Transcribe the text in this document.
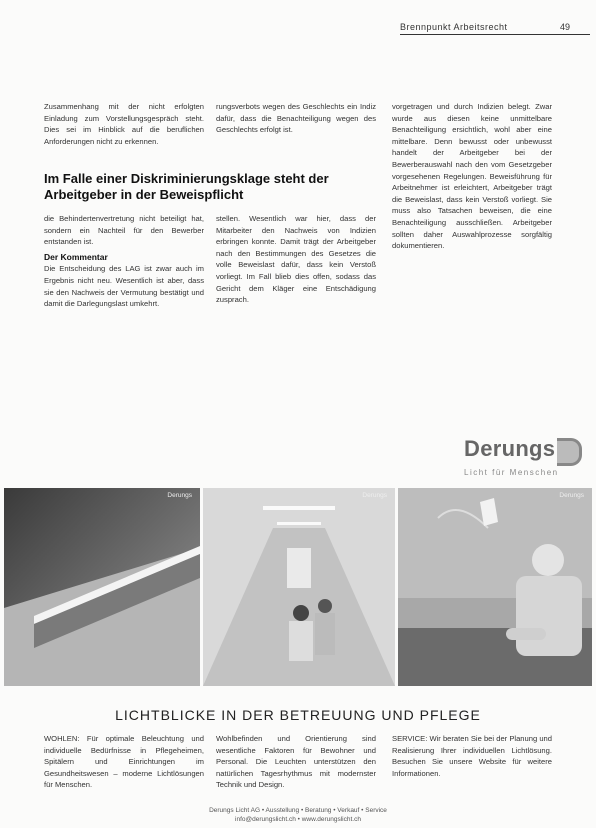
Brennpunkt Arbeitsrecht	49
Zusammenhang mit der nicht erfolgten Einladung zum Vorstellungsgespräch steht. Dies sei im Hinblick auf die beruflichen Anforderungen nicht zu erkennen.
rungsverbots wegen des Geschlechts ein Indiz dafür, dass die Benachteiligung wegen des Geschlechts erfolgt ist.
vorgetragen und durch Indizien belegt. Zwar wurde aus diesen keine unmittelbare Benachteiligung ersichtlich, wohl aber eine mittelbare. Denn bewusst oder unbewusst handelt der Arbeitgeber bei der Bewerberauswahl nach den vom Gesetzgeber vorgesehenen Regelungen. Beweisführung für Arbeitnehmer ist erleichtert, Arbeitgeber trägt die Beweislast, dass kein Verstoß vorliegt. Sie muss also Tatsachen beweisen, die eine Benachteiligung ausschließen. Arbeitgeber sollten daher Auswahlprozesse sorgfältig dokumentieren.
Im Falle einer Diskriminierungsklage steht der Arbeitgeber in der Beweispflicht

die Behindertenvertretung nicht beteiligt hat, sondern ein Nachteil für den Bewerber entstanden ist.

Der Kommentar

Die Entscheidung des LAG ist zwar auch im Ergebnis nicht neu. Wesentlich ist aber, dass sie den Nachweis der Vermutung bestätigt und damit die Darlegungslast umkehrt.

stellen. Wesentlich war hier, dass der Mitarbeiter den Nachweis von Indizien erbringen konnte. Damit trägt der Arbeitgeber nach den Bestimmungen des Gesetzes die volle Beweislast dafür, dass kein Verstoß vorliegt. Im Fall blieb dies offen, sodass das Gericht dem Kläger eine Entschädigung zusprach.
Derungs
Licht für Menschen
Derungs	Derungs	Derungs
LICHTBLICKE IN DER BETREUUNG UND PFLEGE
WOHLEN: Für optimale Beleuchtung und individuelle Bedürfnisse in Pflegeheimen, Spitälern und Einrichtungen im Gesundheitswesen – moderne Lichtlösungen für Menschen.
Wohlbefinden und Orientierung sind wesentliche Faktoren für Bewohner und Personal. Die Leuchten unterstützen den natürlichen Tagesrhythmus mit modernster Technik und Design.
SERVICE: Wir beraten Sie bei der Planung und Realisierung Ihrer individuellen Lichtlösung. Besuchen Sie unsere Website für weitere Informationen.
Derungs Licht AG • Ausstellung • Beratung • Verkauf • Service
info@derungslicht.ch • www.derungslicht.ch
